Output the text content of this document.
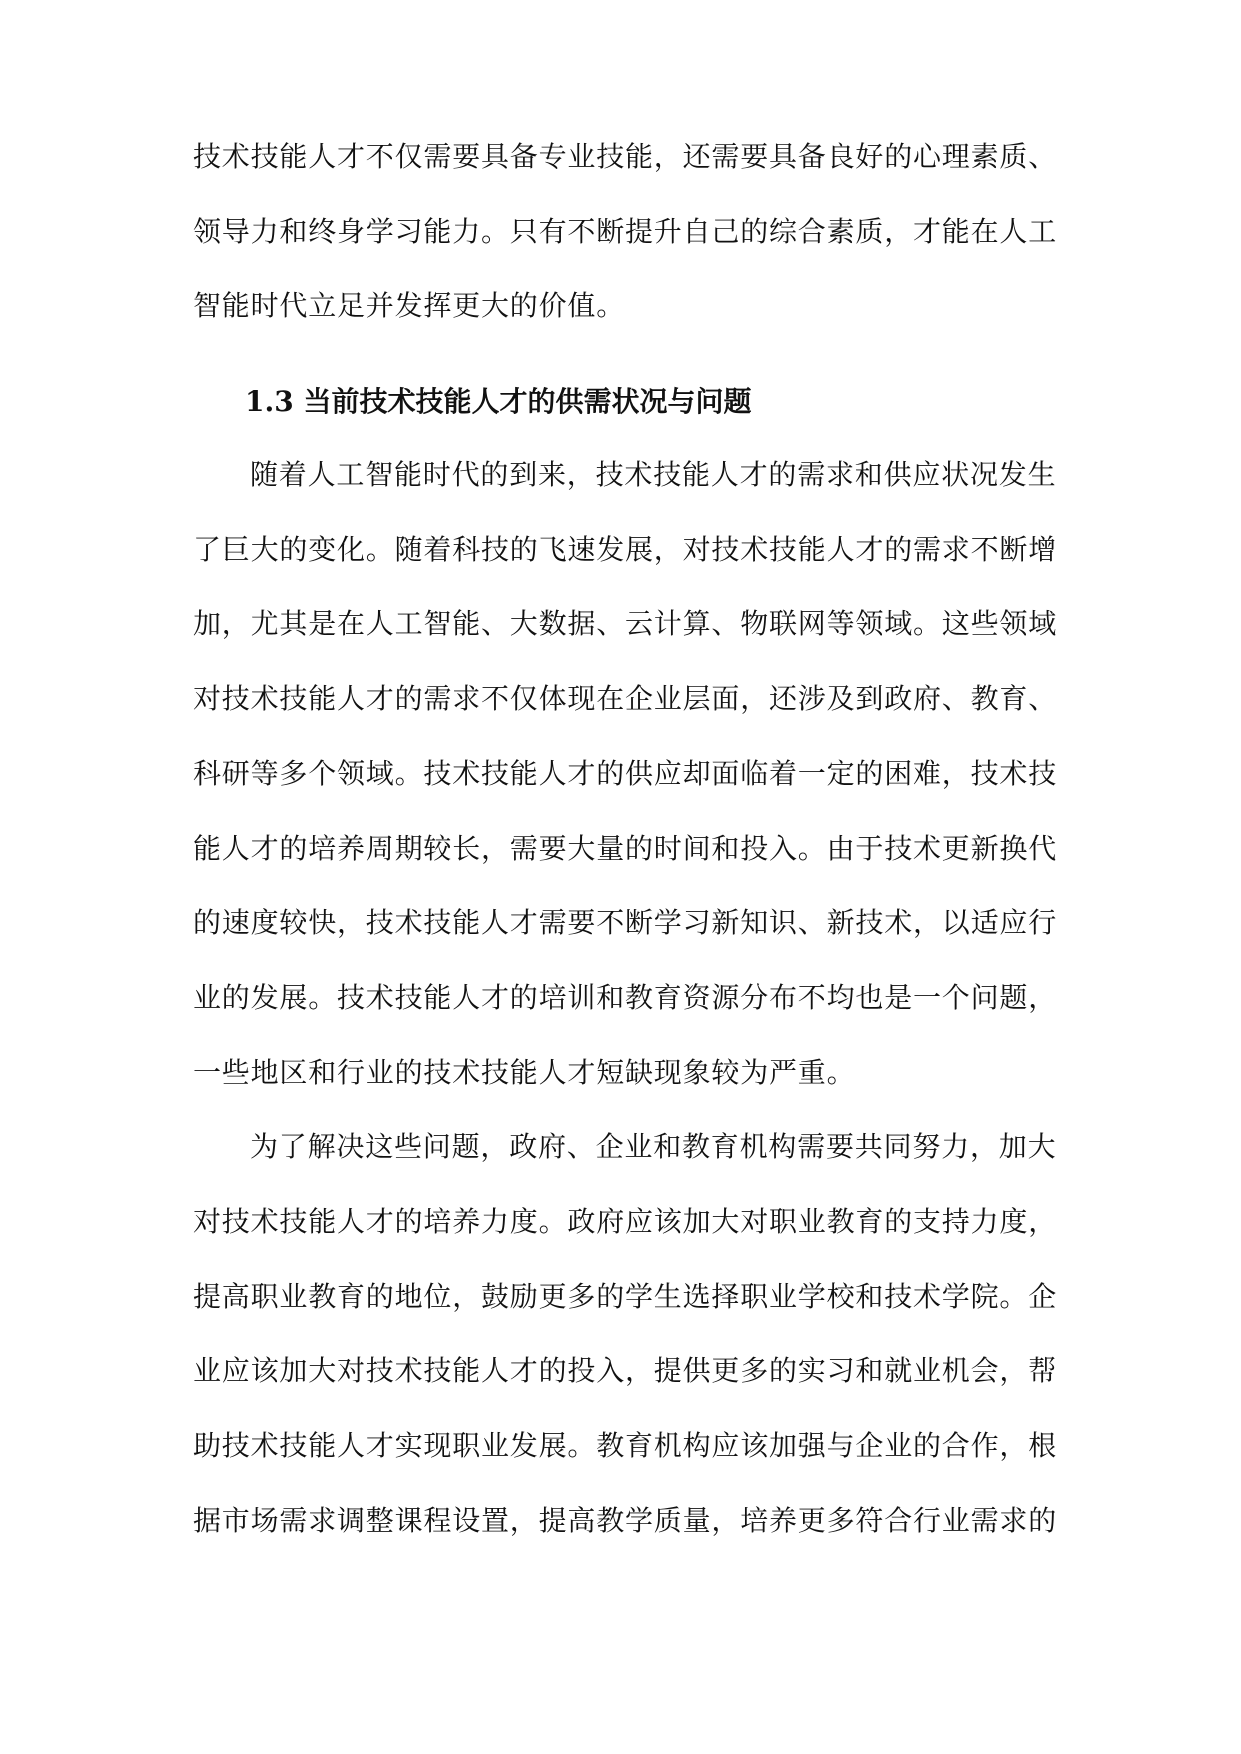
技术技能人才不仅需要具备专业技能，还需要具备良好的心理素质、
领导力和终身学习能力。只有不断提升自己的综合素质，才能在人工
智能时代立足并发挥更大的价值。
1.3 当前技术技能人才的供需状况与问题
随着人工智能时代的到来，技术技能人才的需求和供应状况发生
了巨大的变化。随着科技的飞速发展，对技术技能人才的需求不断增
加，尤其是在人工智能、大数据、云计算、物联网等领域。这些领域
对技术技能人才的需求不仅体现在企业层面，还涉及到政府、教育、
科研等多个领域。技术技能人才的供应却面临着一定的困难，技术技
能人才的培养周期较长，需要大量的时间和投入。由于技术更新换代
的速度较快，技术技能人才需要不断学习新知识、新技术，以适应行
业的发展。技术技能人才的培训和教育资源分布不均也是一个问题，
一些地区和行业的技术技能人才短缺现象较为严重。
为了解决这些问题，政府、企业和教育机构需要共同努力，加大
对技术技能人才的培养力度。政府应该加大对职业教育的支持力度，
提高职业教育的地位，鼓励更多的学生选择职业学校和技术学院。企
业应该加大对技术技能人才的投入，提供更多的实习和就业机会，帮
助技术技能人才实现职业发展。教育机构应该加强与企业的合作，根
据市场需求调整课程设置，提高教学质量，培养更多符合行业需求的
